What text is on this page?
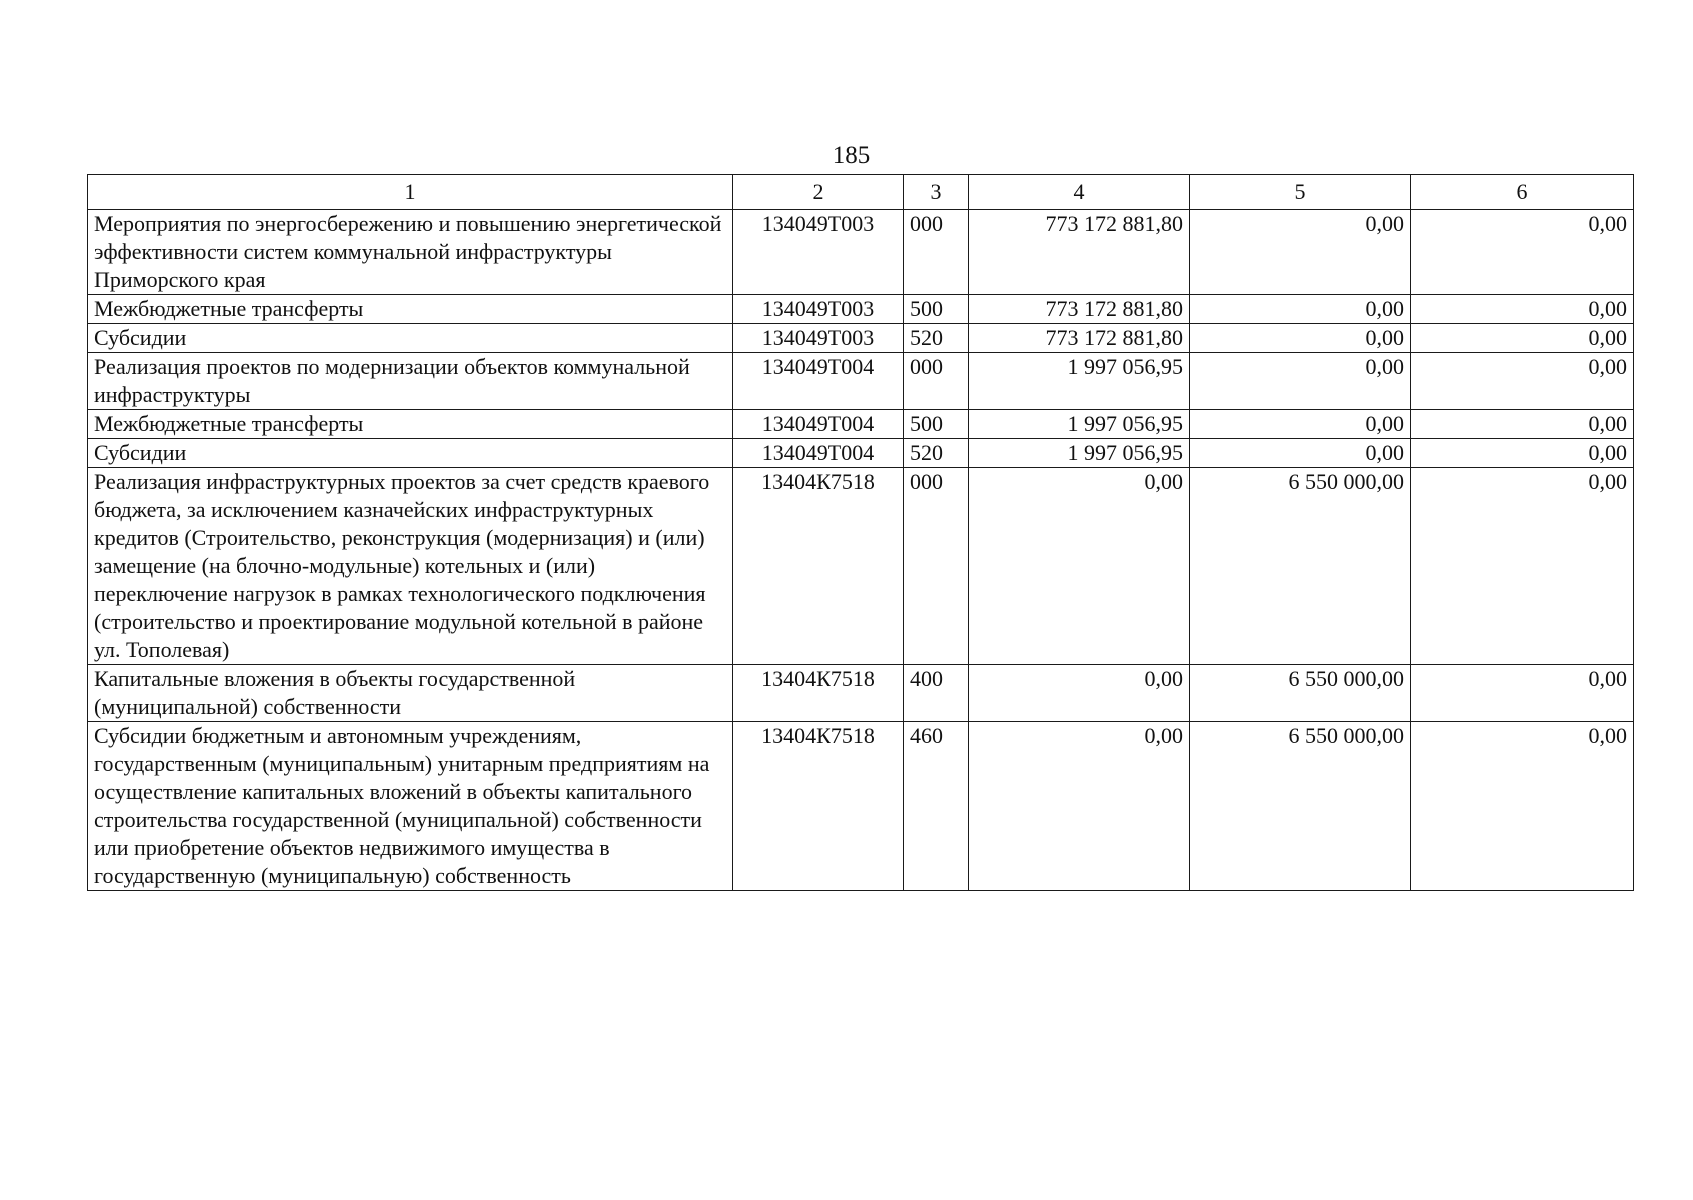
185
1	2	3	4	5	6
Мероприятия по энергосбережению и повышению энергетической эффективности систем коммунальной инфраструктуры Приморского края	134049Т003	000	773 172 881,80	0,00	0,00
Межбюджетные трансферты	134049Т003	500	773 172 881,80	0,00	0,00
Субсидии	134049Т003	520	773 172 881,80	0,00	0,00
Реализация проектов по модернизации объектов коммунальной инфраструктуры	134049Т004	000	1 997 056,95	0,00	0,00
Межбюджетные трансферты	134049Т004	500	1 997 056,95	0,00	0,00
Субсидии	134049Т004	520	1 997 056,95	0,00	0,00
Реализация инфраструктурных проектов за счет средств краевого бюджета, за исключением казначейских инфраструктурных кредитов (Строительство, реконструкция (модернизация) и (или) замещение (на блочно-модульные) котельных и (или) переключение нагрузок в рамках технологического подключения (строительство и проектирование модульной котельной в районе ул. Тополевая)	13404К7518	000	0,00	6 550 000,00	0,00
Капитальные вложения в объекты государственной (муниципальной) собственности	13404К7518	400	0,00	6 550 000,00	0,00
Субсидии бюджетным и автономным учреждениям, государственным (муниципальным) унитарным предприятиям на осуществление капитальных вложений в объекты капитального строительства государственной (муниципальной) собственности или приобретение объектов недвижимого имущества в государственную (муниципальную) собственность	13404К7518	460	0,00	6 550 000,00	0,00
